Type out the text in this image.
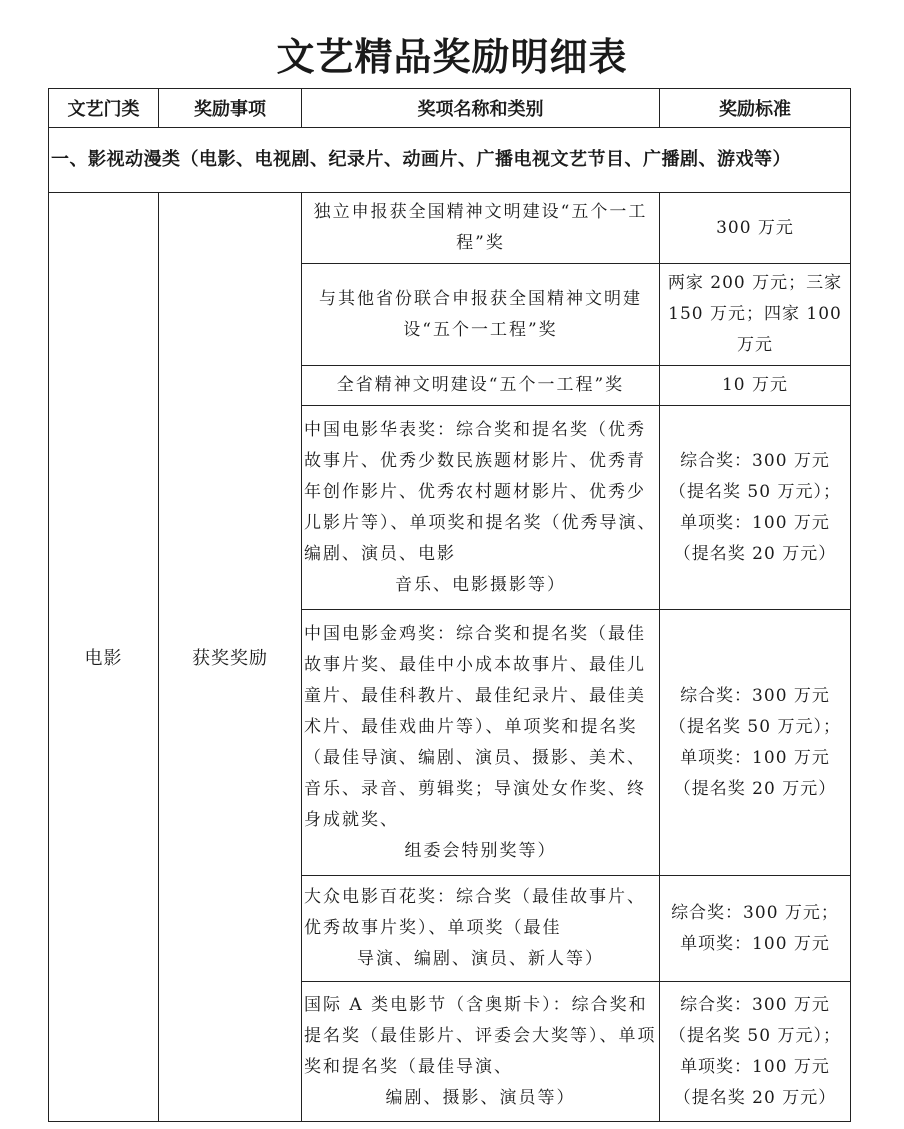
文艺精品奖励明细表
文艺门类	奖励事项	奖项名称和类别	奖励标准
一、影视动漫类（电影、电视剧、纪录片、动画片、广播电视文艺节目、广播剧、游戏等）			
电影	获奖奖励	独立申报获全国精神文明建设“五个一工程”奖	300 万元

		与其他省份联合申报获全国精神文明建设“五个一工程”奖	两家 200 万元；三家 150 万元；四家 100 万元

		全省精神文明建设“五个一工程”奖	10 万元

		中国电影华表奖：综合奖和提名奖（优秀故事片、优秀少数民族题材影片、优秀青年创作影片、优秀农村题材影片、优秀少儿影片等）、单项奖和提名奖（优秀导演、编剧、演员、电影
音乐、电影摄影等）	综合奖：300 万元
（提名奖 50 万元）；
单项奖：100 万元
（提名奖 20 万元）

		中国电影金鸡奖：综合奖和提名奖（最佳故事片奖、最佳中小成本故事片、最佳儿童片、最佳科教片、最佳纪录片、最佳美术片、最佳戏曲片等）、单项奖和提名奖（最佳导演、编剧、演员、摄影、美术、音乐、录音、剪辑奖；导演处女作奖、终身成就奖、
组委会特别奖等）	综合奖：300 万元
（提名奖 50 万元）；
单项奖：100 万元
（提名奖 20 万元）

		大众电影百花奖：综合奖（最佳故事片、优秀故事片奖）、单项奖（最佳
导演、编剧、演员、新人等）	综合奖：300 万元；
单项奖：100 万元

		国际 A 类电影节（含奥斯卡）：综合奖和提名奖（最佳影片、评委会大奖等）、单项奖和提名奖（最佳导演、
编剧、摄影、演员等）	综合奖：300 万元
（提名奖 50 万元）；
单项奖：100 万元
（提名奖 20 万元）
